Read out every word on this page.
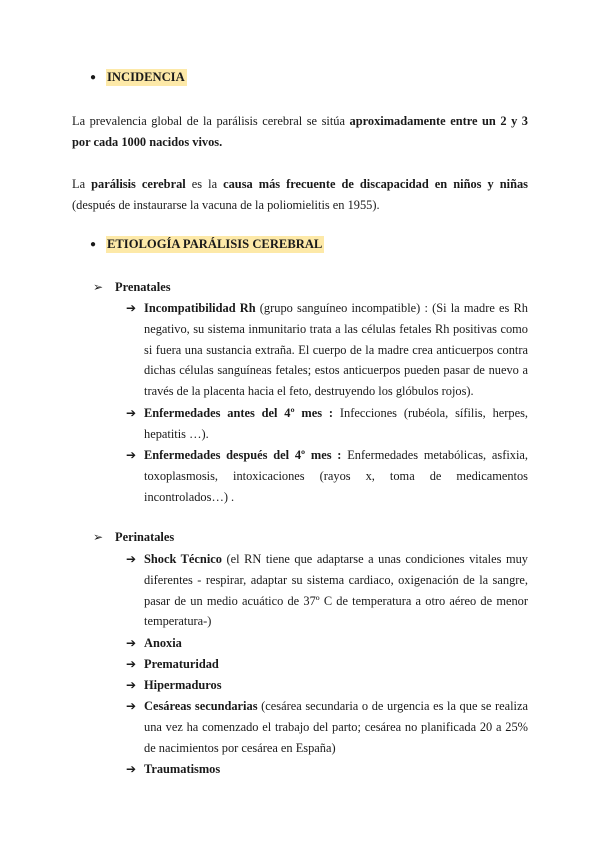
● INCIDENCIA

La prevalencia global de la parálisis cerebral se sitúa aproximadamente entre un 2 y 3 por cada 1000 nacidos vivos.

La parálisis cerebral es la causa más frecuente de discapacidad en niños y niñas (después de instaurarse la vacuna de la poliomielitis en 1955).

● ETIOLOGÍA PARÁLISIS CEREBRAL
➢ Prenatales
➔ Incompatibilidad Rh (grupo sanguíneo incompatible) : (Si la madre es Rh negativo, su sistema inmunitario trata a las células fetales Rh positivas como si fuera una sustancia extraña. El cuerpo de la madre crea anticuerpos contra dichas células sanguíneas fetales; estos anticuerpos pueden pasar de nuevo a través de la placenta hacia el feto, destruyendo los glóbulos rojos).
➔ Enfermedades antes del 4º mes : Infecciones (rubéola, sífilis, herpes, hepatitis …).
➔ Enfermedades después del 4º mes : Enfermedades metabólicas, asfixia, toxoplasmosis, intoxicaciones (rayos x, toma de medicamentos incontrolados…) .
➢ Perinatales
➔ Shock Técnico (el RN tiene que adaptarse a unas condiciones vitales muy diferentes - respirar, adaptar su sistema cardiaco, oxigenación de la sangre, pasar de un medio acuático de 37º C de temperatura a otro aéreo de menor temperatura-)
➔ Anoxia
➔ Prematuridad
➔ Hipermaduros
➔ Cesáreas secundarias (cesárea secundaria o de urgencia es la que se realiza una vez ha comenzado el trabajo del parto; cesárea no planificada 20 a 25% de nacimientos por cesárea en España)
➔ Traumatismos
